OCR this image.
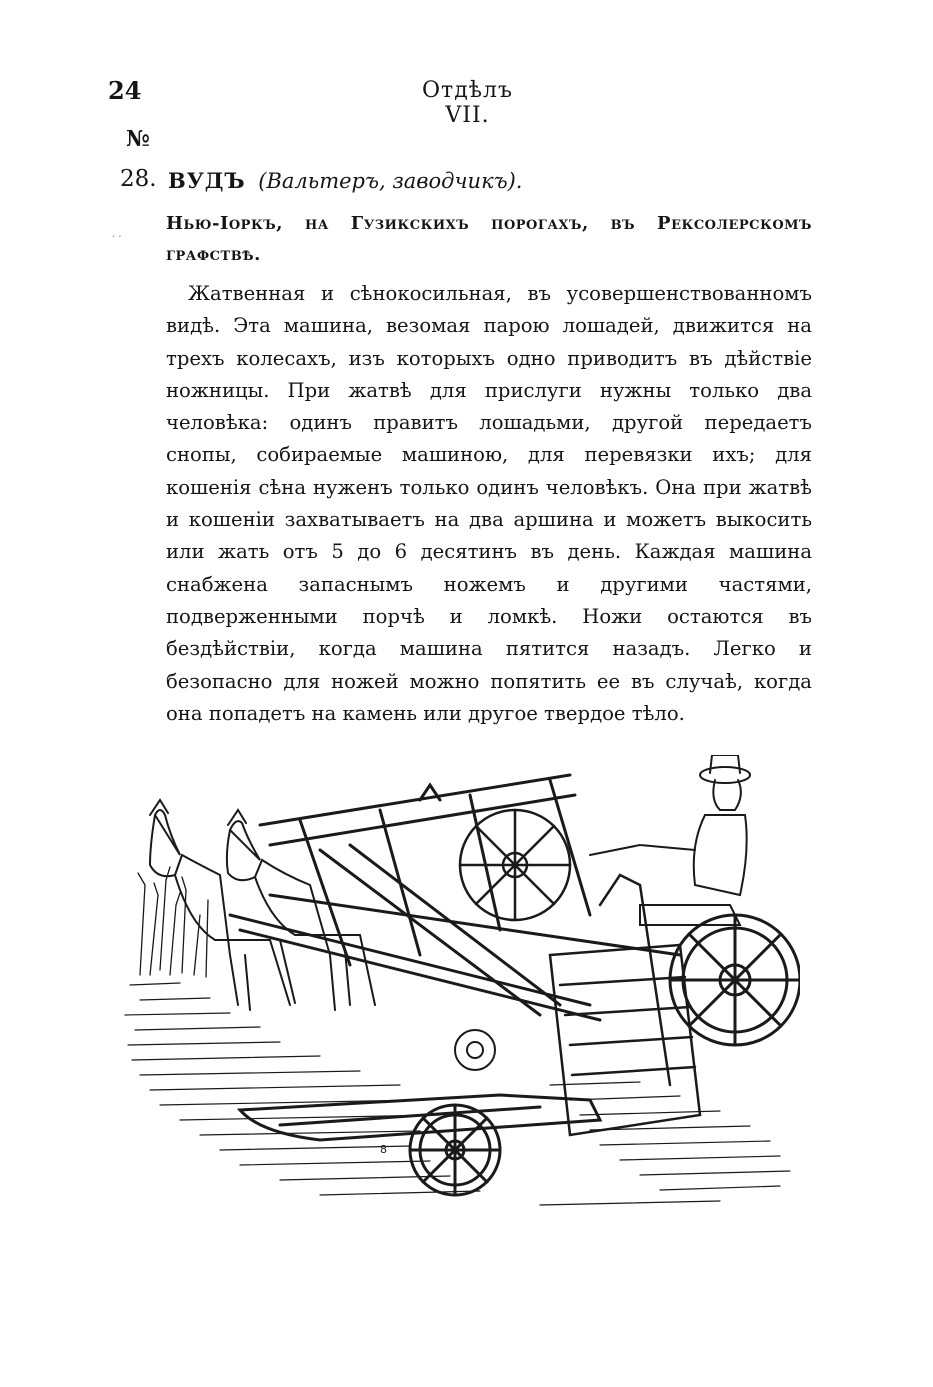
24	Отдѣлъ VII.
№
28. ВУДЪ (Вальтеръ, заводчикъ).
Нью-Іоркъ, на Гузикскихъ порогахъ, въ Рексолерскомъ графствѣ.

Жатвенная и сѣнокосильная, въ усовершенствованномъ видѣ. Эта машина, везомая парою лошадей, движится на трехъ колесахъ, изъ которыхъ одно приводитъ въ дѣйствіе ножницы. При жатвѣ для прислуги нужны только два человѣка: одинъ правитъ лошадьми, другой передаетъ снопы, собираемые машиною, для перевязки ихъ; для кошенія сѣна нуженъ только одинъ человѣкъ. Она при жатвѣ и кошеніи захватываетъ на два аршина и можетъ выкосить или жать отъ 5 до 6 десятинъ въ день. Каждая машина снабжена запаснымъ ножемъ и другими частями, подверженными порчѣ и ломкѣ. Ножи остаются въ бездѣйствіи, когда машина пятится назадъ. Легко и безопасно для ножей можно попятить ее въ случаѣ, когда она попадетъ на камень или другое твердое тѣло.

· ·
8
